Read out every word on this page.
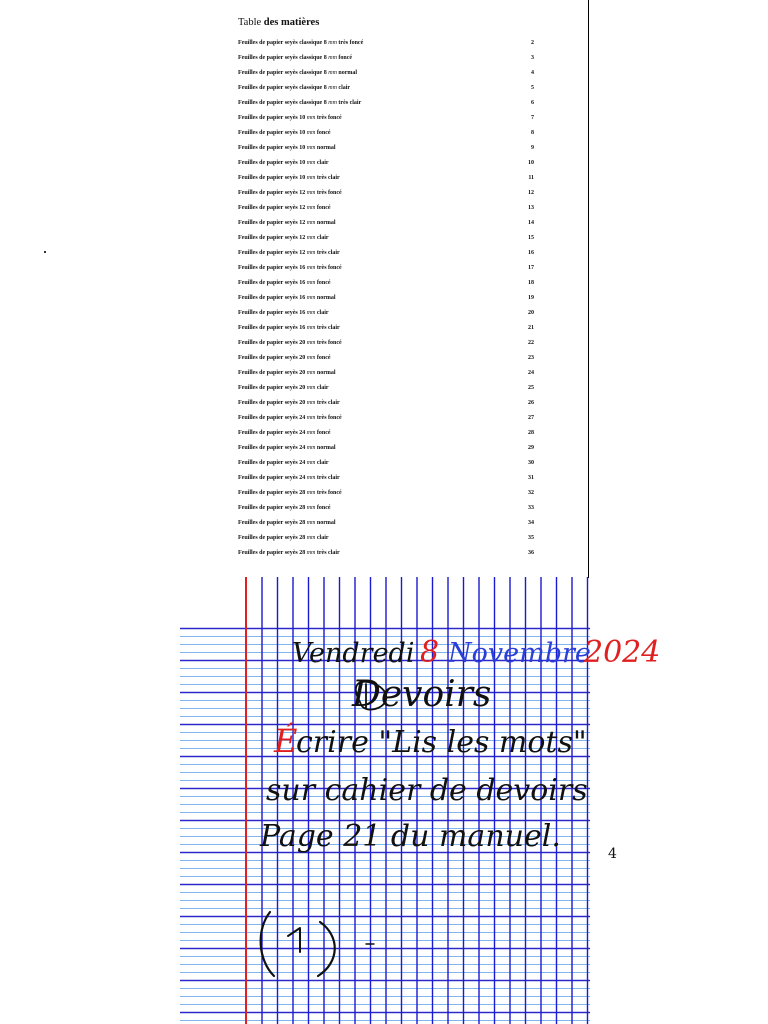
Table des matières
Feuilles de papier seyès classique 8 mm très foncé	2
Feuilles de papier seyès classique 8 mm foncé	3
Feuilles de papier seyès classique 8 mm normal	4
Feuilles de papier seyès classique 8 mm clair	5
Feuilles de papier seyès classique 8 mm très clair	6
Feuilles de papier seyès 10 mm très foncé	7
Feuilles de papier seyès 10 mm foncé	8
Feuilles de papier seyès 10 mm normal	9
Feuilles de papier seyès 10 mm clair	10
Feuilles de papier seyès 10 mm très clair	11
Feuilles de papier seyès 12 mm très foncé	12
Feuilles de papier seyès 12 mm foncé	13
Feuilles de papier seyès 12 mm normal	14
Feuilles de papier seyès 12 mm clair	15
Feuilles de papier seyès 12 mm très clair	16
Feuilles de papier seyès 16 mm très foncé	17
Feuilles de papier seyès 16 mm foncé	18
Feuilles de papier seyès 16 mm normal	19
Feuilles de papier seyès 16 mm clair	20
Feuilles de papier seyès 16 mm très clair	21
Feuilles de papier seyès 20 mm très foncé	22
Feuilles de papier seyès 20 mm foncé	23
Feuilles de papier seyès 20 mm normal	24
Feuilles de papier seyès 20 mm clair	25
Feuilles de papier seyès 20 mm très clair	26
Feuilles de papier seyès 24 mm très foncé	27
Feuilles de papier seyès 24 mm foncé	28
Feuilles de papier seyès 24 mm normal	29
Feuilles de papier seyès 24 mm clair	30
Feuilles de papier seyès 24 mm très clair	31
Feuilles de papier seyès 28 mm très foncé	32
Feuilles de papier seyès 28 mm foncé	33
Feuilles de papier seyès 28 mm normal	34
Feuilles de papier seyès 28 mm clair	35
Feuilles de papier seyès 28 mm très clair	36
Vendredi 8 Novembre
2024
Devoirs
É
crire "Lis les mots"
sur cahier de devoirs
Page 21 du manuel.	4
